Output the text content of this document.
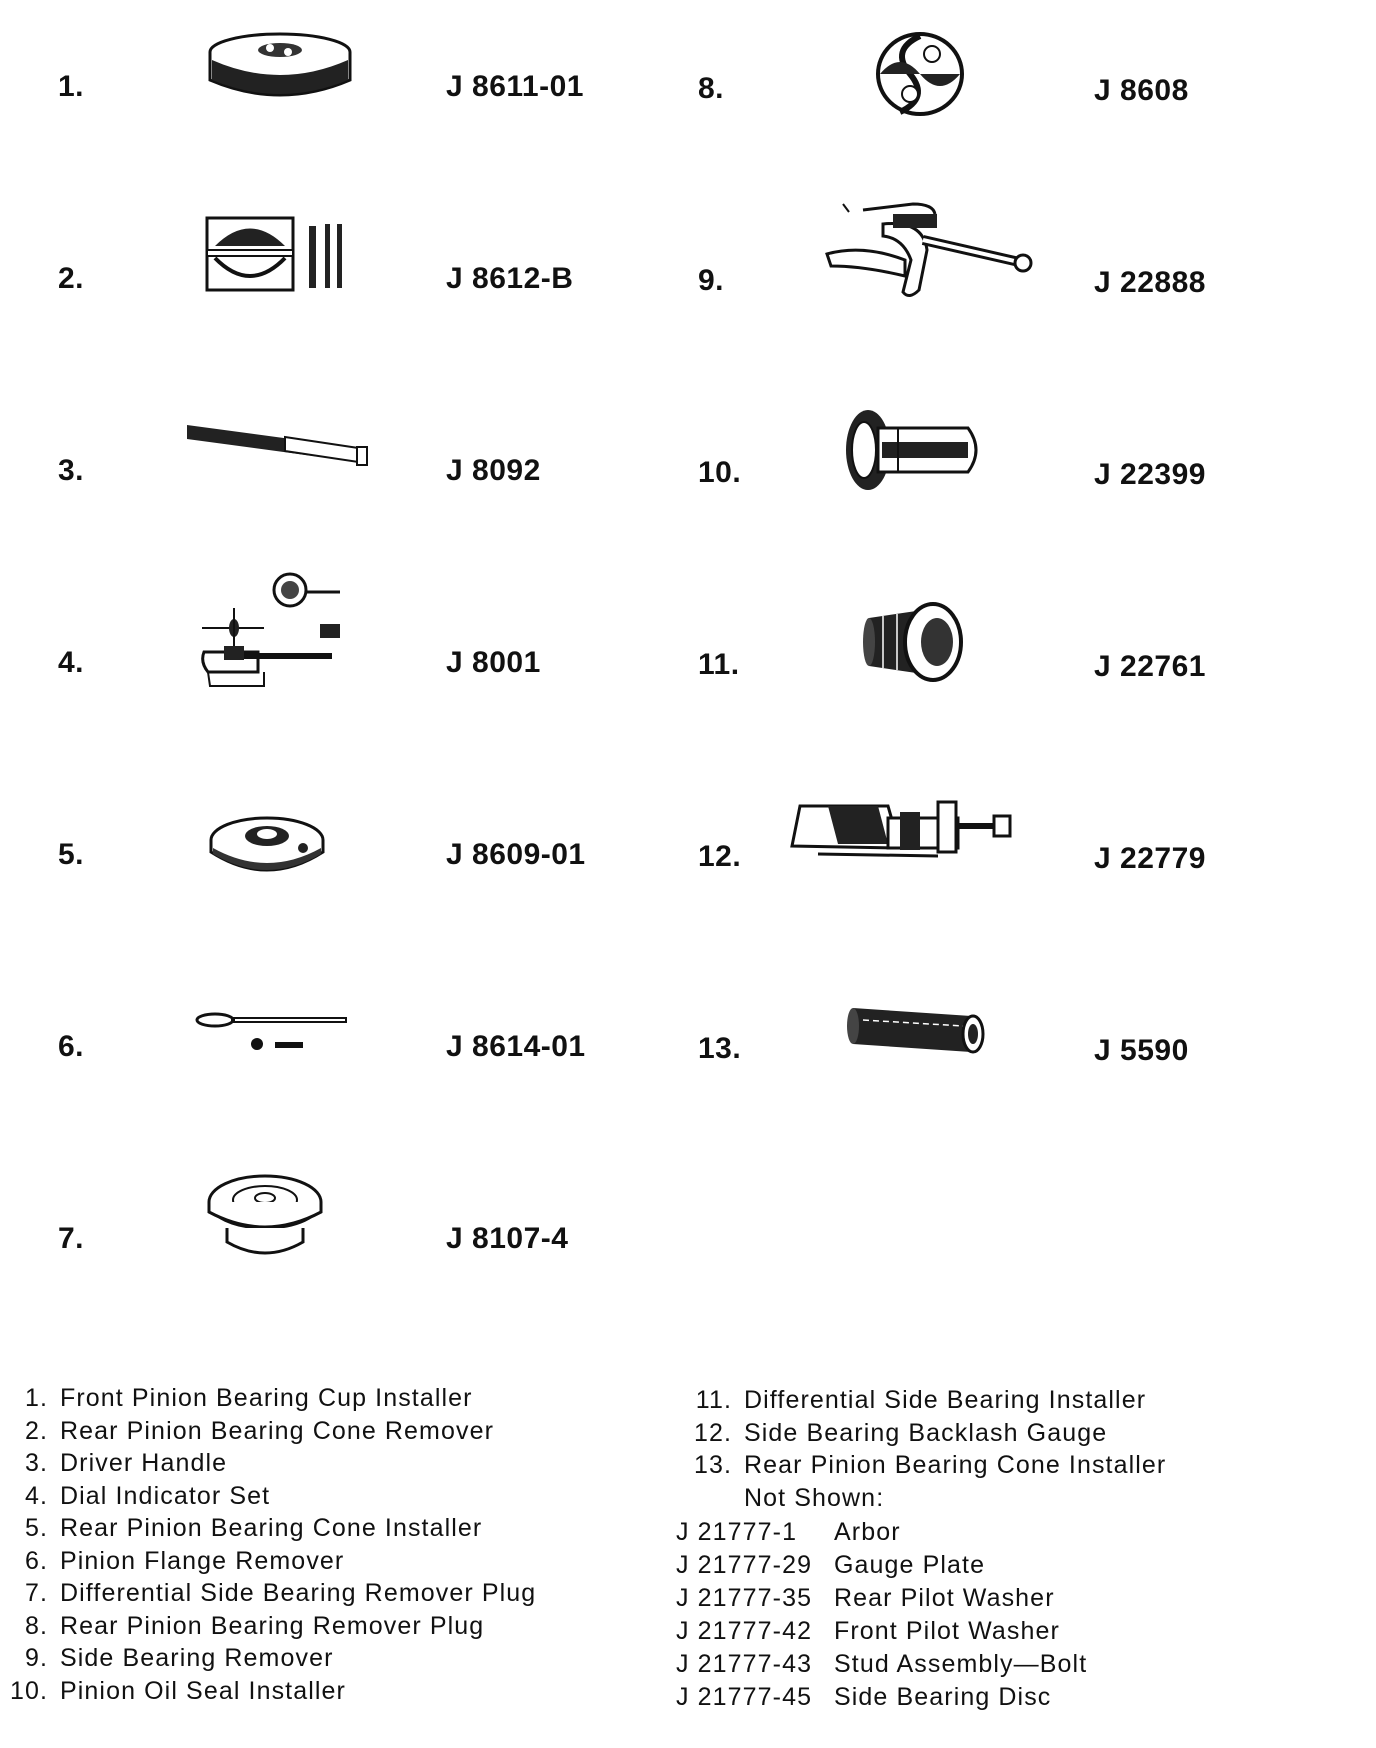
1.	J 8611-01
2.	J 8612-B
3.	J 8092
4.	J 8001
5.	J 8609-01
6.	J 8614-01
7.	J 8107-4
8.	J 8608
9.	J 22888
10.	J 22399
11.	J 22761
12.	J 22779
13.	J 5590
1. Front Pinion Bearing Cup Installer
2. Rear Pinion Bearing Cone Remover
3. Driver Handle
4. Dial Indicator Set
5. Rear Pinion Bearing Cone Installer
6. Pinion Flange Remover
7. Differential Side Bearing Remover Plug
8. Rear Pinion Bearing Remover Plug
9. Side Bearing Remover
10. Pinion Oil Seal Installer
11. Differential Side Bearing Installer
12. Side Bearing Backlash Gauge
13. Rear Pinion Bearing Cone Installer
Not Shown:
J 21777-1 Arbor
J 21777-29 Gauge Plate
J 21777-35 Rear Pilot Washer
J 21777-42 Front Pilot Washer
J 21777-43 Stud Assembly—Bolt
J 21777-45 Side Bearing Disc
